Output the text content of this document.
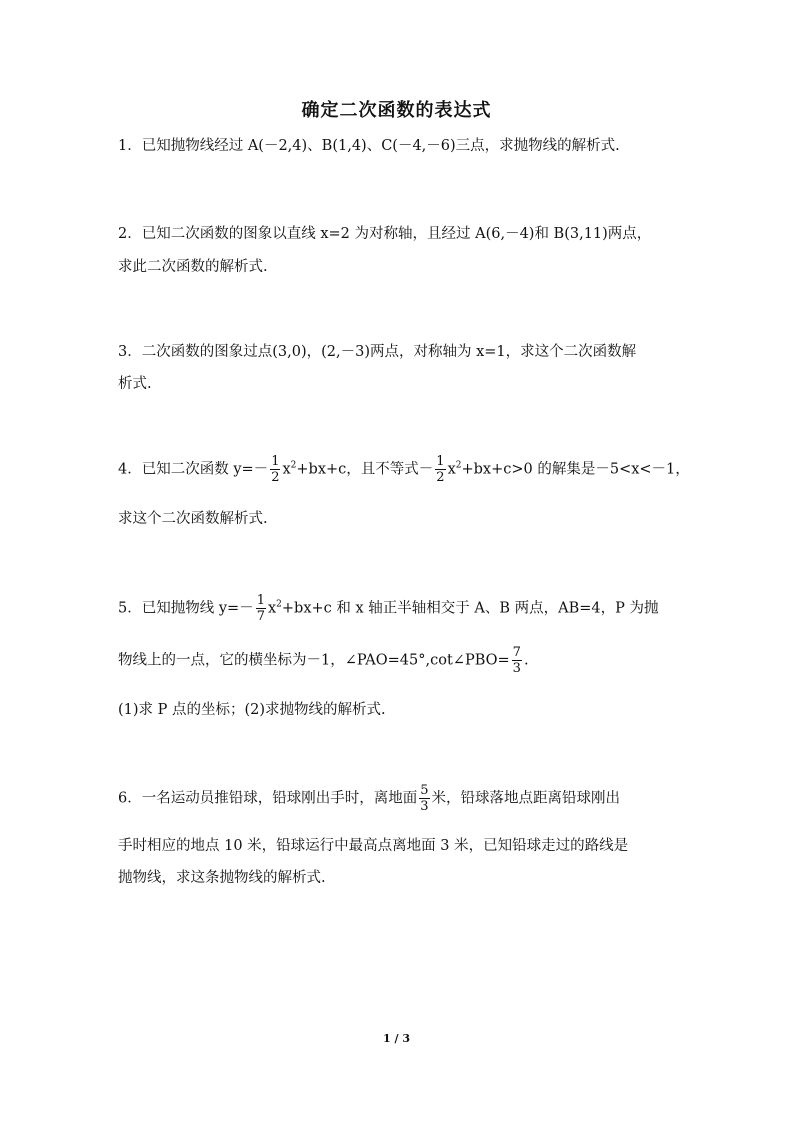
确定二次函数的表达式
1．已知抛物线经过 A(－2,4)、B(1,4)、C(－4,－6)三点，求抛物线的解析式.
2．已知二次函数的图象以直线 x=2 为对称轴，且经过 A(6,－4)和 B(3,11)两点，
求此二次函数的解析式.
3．二次函数的图象过点(3,0)，(2,－3)两点，对称轴为 x=1，求这个二次函数解
析式.
4．已知二次函数 $y=- \frac{1}{2} x^2+bx+c$，且不等式－ $\frac{1}{2} x^2+bx+c>0$ 的解集是－5<x<－1，
求这个二次函数解析式.
5．已知抛物线 $y=- \frac{1}{7} x^2+bx+c$ 和 x 轴正半轴相交于 A、B 两点，AB=4，P 为抛
物线上的一点，它的横坐标为－1，∠PAO=45°,cot∠PBO= $\frac{7}{3}$ .
(1)求 P 点的坐标；(2)求抛物线的解析式.
6．一名运动员推铅球，铅球刚出手时，离地面 $\frac{5}{3}$ 米，铅球落地点距离铅球刚出
手时相应的地点 10 米，铅球运行中最高点离地面 3 米，已知铅球走过的路线是
抛物线，求这条抛物线的解析式.
1 / 3
